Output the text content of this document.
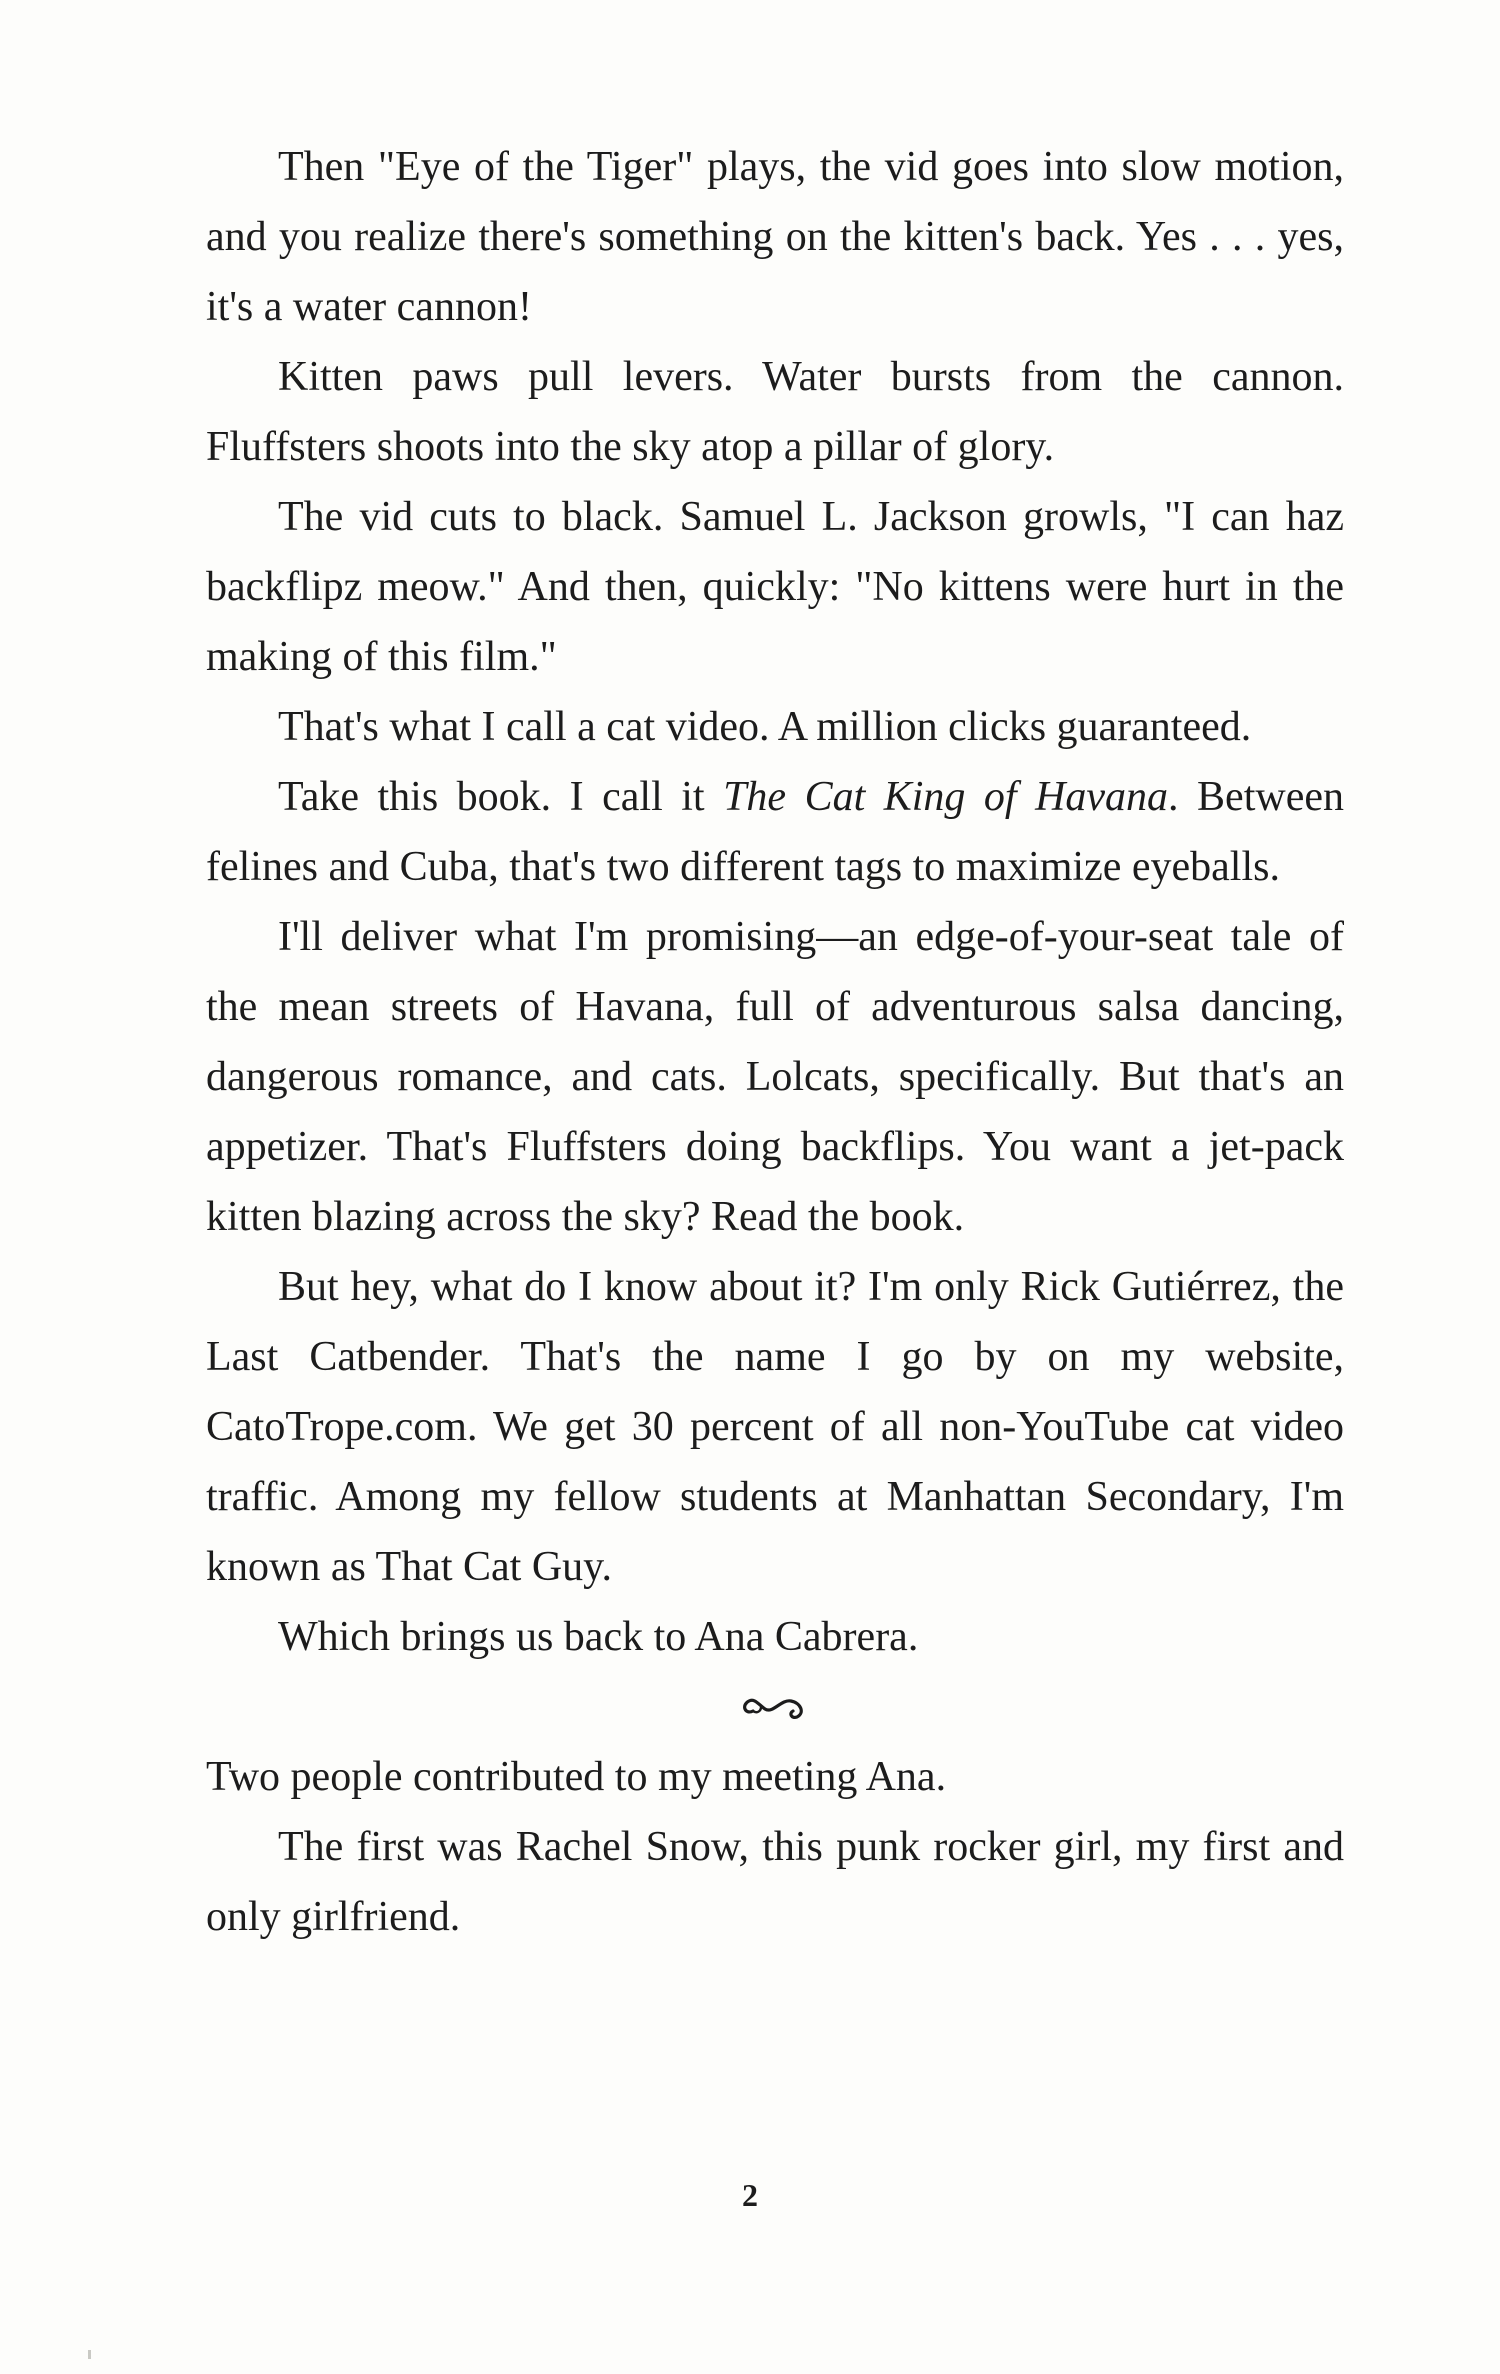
Then "Eye of the Tiger" plays, the vid goes into slow motion, and you realize there's something on the kitten's back. Yes . . . yes, it's a water cannon!

Kitten paws pull levers. Water bursts from the cannon. Fluffsters shoots into the sky atop a pillar of glory.

The vid cuts to black. Samuel L. Jackson growls, "I can haz backflipz meow." And then, quickly: "No kittens were hurt in the making of this film."

That's what I call a cat video. A million clicks guaranteed.

Take this book. I call it The Cat King of Havana. Between felines and Cuba, that's two different tags to maximize eyeballs.

I'll deliver what I'm promising—an edge-of-your-seat tale of the mean streets of Havana, full of adventurous salsa dancing, dangerous romance, and cats. Lolcats, specifically. But that's an appetizer. That's Fluffsters doing backflips. You want a jet-pack kitten blazing across the sky? Read the book.

But hey, what do I know about it? I'm only Rick Gutiérrez, the Last Catbender. That's the name I go by on my website, CatoTrope.com. We get 30 percent of all non-YouTube cat video traffic. Among my fellow students at Manhattan Secondary, I'm known as That Cat Guy.

Which brings us back to Ana Cabrera.

Two people contributed to my meeting Ana.

The first was Rachel Snow, this punk rocker girl, my first and only girlfriend.

2
